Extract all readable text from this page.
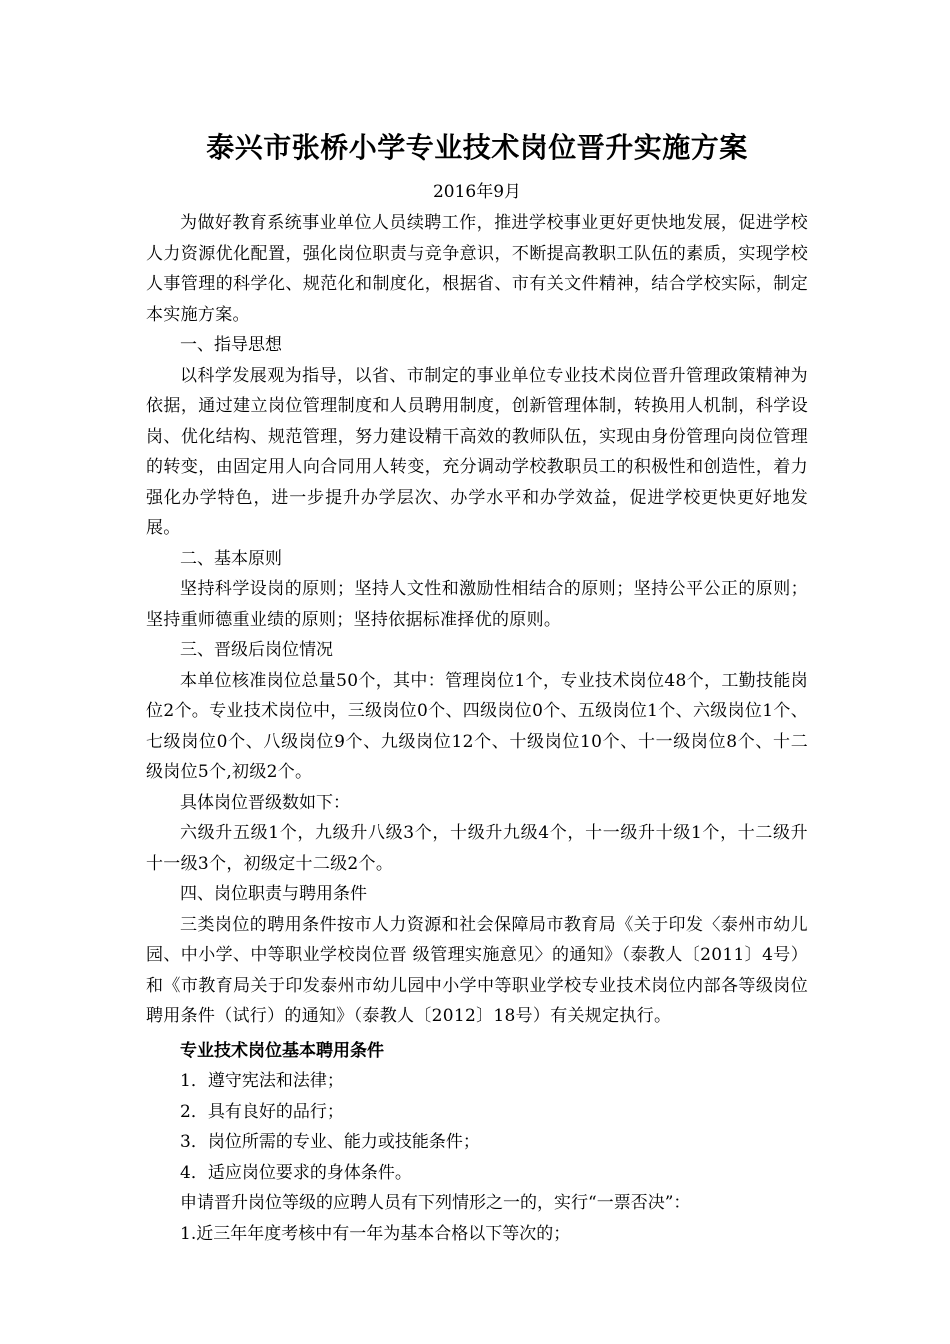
泰兴市张桥小学专业技术岗位晋升实施方案
2016年9月

为做好教育系统事业单位人员续聘工作，推进学校事业更好更快地发展，促进学校人力资源优化配置，强化岗位职责与竞争意识，不断提高教职工队伍的素质，实现学校人事管理的科学化、规范化和制度化，根据省、市有关文件精神，结合学校实际，制定本实施方案。

一、指导思想

以科学发展观为指导，以省、市制定的事业单位专业技术岗位晋升管理政策精神为依据，通过建立岗位管理制度和人员聘用制度，创新管理体制，转换用人机制，科学设岗、优化结构、规范管理，努力建设精干高效的教师队伍，实现由身份管理向岗位管理的转变，由固定用人向合同用人转变，充分调动学校教职员工的积极性和创造性，着力强化办学特色，进一步提升办学层次、办学水平和办学效益，促进学校更快更好地发展。

二、基本原则

坚持科学设岗的原则；坚持人文性和激励性相结合的原则；坚持公平公正的原则；坚持重师德重业绩的原则；坚持依据标准择优的原则。

三、晋级后岗位情况

本单位核准岗位总量50个，其中：管理岗位1个，专业技术岗位48个，工勤技能岗位2个。专业技术岗位中，三级岗位0个、四级岗位0个、五级岗位1个、六级岗位1个、七级岗位0个、八级岗位9个、九级岗位12个、十级岗位10个、十一级岗位8个、十二级岗位5个,初级2个。

具体岗位晋级数如下：

六级升五级1个，九级升八级3个，十级升九级4个，十一级升十级1个，十二级升十一级3个，初级定十二级2个。

四、岗位职责与聘用条件

三类岗位的聘用条件按市人力资源和社会保障局市教育局《关于印发〈泰州市幼儿园、中小学、中等职业学校岗位晋 级管理实施意见〉的通知》（泰教人〔2011〕4号）和《市教育局关于印发泰州市幼儿园中小学中等职业学校专业技术岗位内部各等级岗位聘用条件（试行）的通知》（泰教人〔2012〕18号）有关规定执行。

专业技术岗位基本聘用条件

1．遵守宪法和法律；

2．具有良好的品行；

3．岗位所需的专业、能力或技能条件；

4．适应岗位要求的身体条件。

申请晋升岗位等级的应聘人员有下列情形之一的，实行“一票否决”：

1.近三年年度考核中有一年为基本合格以下等次的；
